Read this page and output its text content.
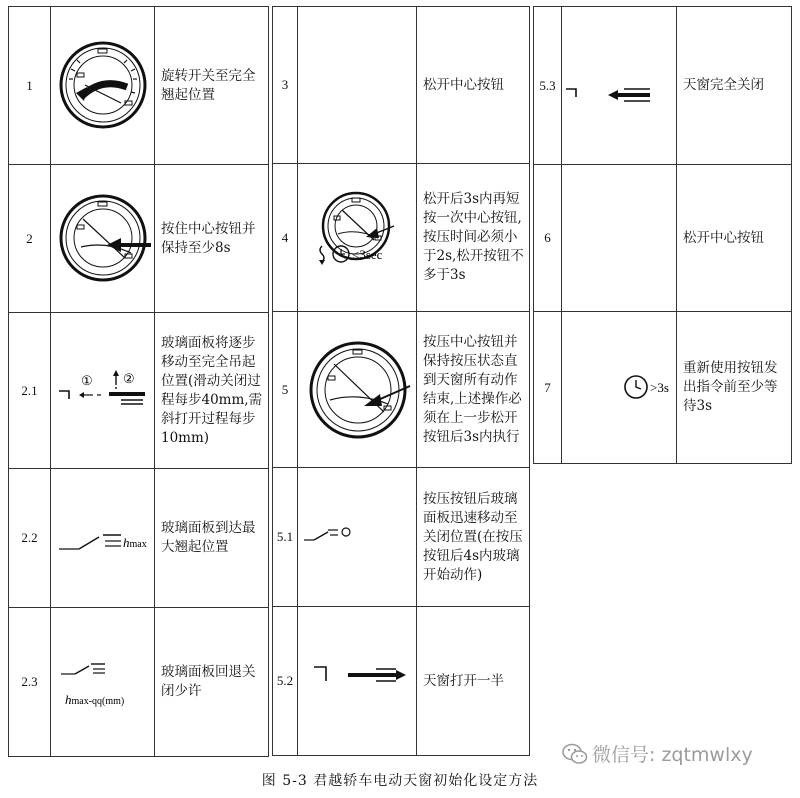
1		旋转开关至完全翘起位置
2		按住中心按钮并保持至少8s
2.1	① ②	玻璃面板将逐步移动至完全吊起位置(滑动关闭过程每步40mm,需斜打开过程每步10mm)
2.2	hmax	玻璃面板到达最大翘起位置
2.3	hmax-qq(mm)	玻璃面板回退关闭少许
3		松开中心按钮
4	<3sec	松开后3s内再短按一次中心按钮,按压时间必须小于2s,松开按钮不多于3s
5		按压中心按钮并保持按压状态直到天窗所有动作结束,上述操作必须在上一步松开按钮后3s内执行
5.1		按压按钮后玻璃面板迅速移动至关闭位置(在按压按钮后4s内玻璃开始动作)
5.2		天窗打开一半
5.3		天窗完全关闭
6		松开中心按钮
7	>3s	重新使用按钮发出指令前至少等待3s
微信号: zqtmwlxy
图 5-3 君越轿车电动天窗初始化设定方法
